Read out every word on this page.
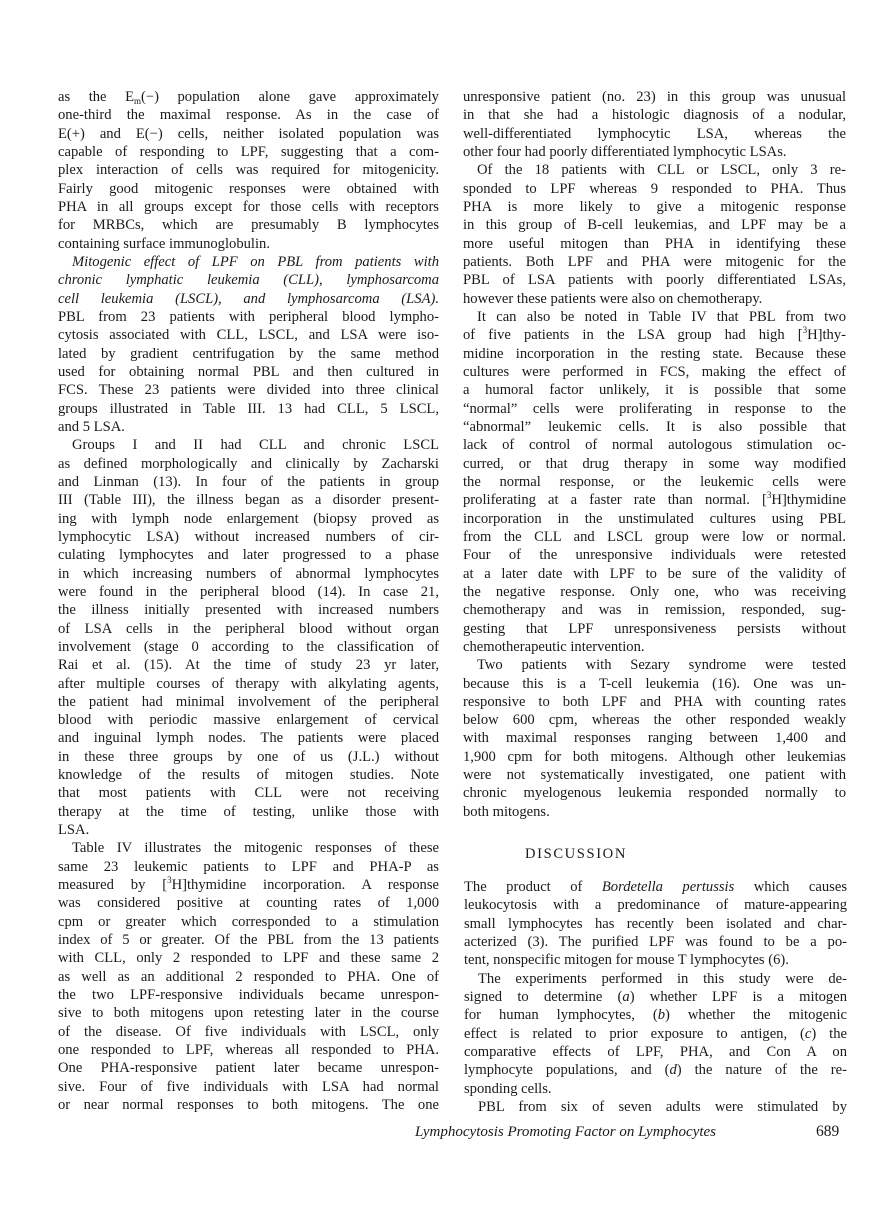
as the $E_m(-)$ population alone gave approximately
one-third the maximal response. As in the case of
E(+) and E(−) cells, neither isolated population was
capable of responding to LPF, suggesting that a com-
plex interaction of cells was required for mitogenicity.
Fairly good mitogenic responses were obtained with
PHA in all groups except for those cells with receptors
for MRBCs, which are presumably B lymphocytes
containing surface immunoglobulin.
Mitogenic effect of LPF on PBL from patients with
chronic lymphatic leukemia (CLL), lymphosarcoma
cell leukemia (LSCL), and lymphosarcoma (LSA).
PBL from 23 patients with peripheral blood lympho-
cytosis associated with CLL, LSCL, and LSA were iso-
lated by gradient centrifugation by the same method
used for obtaining normal PBL and then cultured in
FCS. These 23 patients were divided into three clinical
groups illustrated in Table III. 13 had CLL, 5 LSCL,
and 5 LSA.
Groups I and II had CLL and chronic LSCL
as defined morphologically and clinically by Zacharski
and Linman (13). In four of the patients in group
III (Table III), the illness began as a disorder present-
ing with lymph node enlargement (biopsy proved as
lymphocytic LSA) without increased numbers of cir-
culating lymphocytes and later progressed to a phase
in which increasing numbers of abnormal lymphocytes
were found in the peripheral blood (14). In case 21,
the illness initially presented with increased numbers
of LSA cells in the peripheral blood without organ
involvement (stage 0 according to the classification of
Rai et al. (15). At the time of study 23 yr later,
after multiple courses of therapy with alkylating agents,
the patient had minimal involvement of the peripheral
blood with periodic massive enlargement of cervical
and inguinal lymph nodes. The patients were placed
in these three groups by one of us (J.L.) without
knowledge of the results of mitogen studies. Note
that most patients with CLL were not receiving
therapy at the time of testing, unlike those with
LSA.
Table IV illustrates the mitogenic responses of these
same 23 leukemic patients to LPF and PHA-P as
measured by [$^3$H]thymidine incorporation. A response
was considered positive at counting rates of 1,000
cpm or greater which corresponded to a stimulation
index of 5 or greater. Of the PBL from the 13 patients
with CLL, only 2 responded to LPF and these same 2
as well as an additional 2 responded to PHA. One of
the two LPF-responsive individuals became unrespon-
sive to both mitogens upon retesting later in the course
of the disease. Of five individuals with LSCL, only
one responded to LPF, whereas all responded to PHA.
One PHA-responsive patient later became unrespon-
sive. Four of five individuals with LSA had normal
or near normal responses to both mitogens. The one
unresponsive patient (no. 23) in this group was unusual
in that she had a histologic diagnosis of a nodular,
well-differentiated lymphocytic LSA, whereas the
other four had poorly differentiated lymphocytic LSAs.
Of the 18 patients with CLL or LSCL, only 3 re-
sponded to LPF whereas 9 responded to PHA. Thus
PHA is more likely to give a mitogenic response
in this group of B-cell leukemias, and LPF may be a
more useful mitogen than PHA in identifying these
patients. Both LPF and PHA were mitogenic for the
PBL of LSA patients with poorly differentiated LSAs,
however these patients were also on chemotherapy.
It can also be noted in Table IV that PBL from two
of five patients in the LSA group had high [$^3$H]thy-
midine incorporation in the resting state. Because these
cultures were performed in FCS, making the effect of
a humoral factor unlikely, it is possible that some
“normal” cells were proliferating in response to the
“abnormal” leukemic cells. It is also possible that
lack of control of normal autologous stimulation oc-
curred, or that drug therapy in some way modified
the normal response, or the leukemic cells were
proliferating at a faster rate than normal. [$^3$H]thymidine
incorporation in the unstimulated cultures using PBL
from the CLL and LSCL group were low or normal.
Four of the unresponsive individuals were retested
at a later date with LPF to be sure of the validity of
the negative response. Only one, who was receiving
chemotherapy and was in remission, responded, sug-
gesting that LPF unresponsiveness persists without
chemotherapeutic intervention.
Two patients with Sezary syndrome were tested
because this is a T-cell leukemia (16). One was un-
responsive to both LPF and PHA with counting rates
below 600 cpm, whereas the other responded weakly
with maximal responses ranging between 1,400 and
1,900 cpm for both mitogens. Although other leukemias
were not systematically investigated, one patient with
chronic myelogenous leukemia responded normally to
both mitogens.
DISCUSSION
The product of Bordetella pertussis which causes
leukocytosis with a predominance of mature-appearing
small lymphocytes has recently been isolated and char-
acterized (3). The purified LPF was found to be a po-
tent, nonspecific mitogen for mouse T lymphocytes (6).
The experiments performed in this study were de-
signed to determine (a) whether LPF is a mitogen
for human lymphocytes, (b) whether the mitogenic
effect is related to prior exposure to antigen, (c) the
comparative effects of LPF, PHA, and Con A on
lymphocyte populations, and (d) the nature of the re-
sponding cells.
PBL from six of seven adults were stimulated by
Lymphocytosis Promoting Factor on Lymphocytes	689
